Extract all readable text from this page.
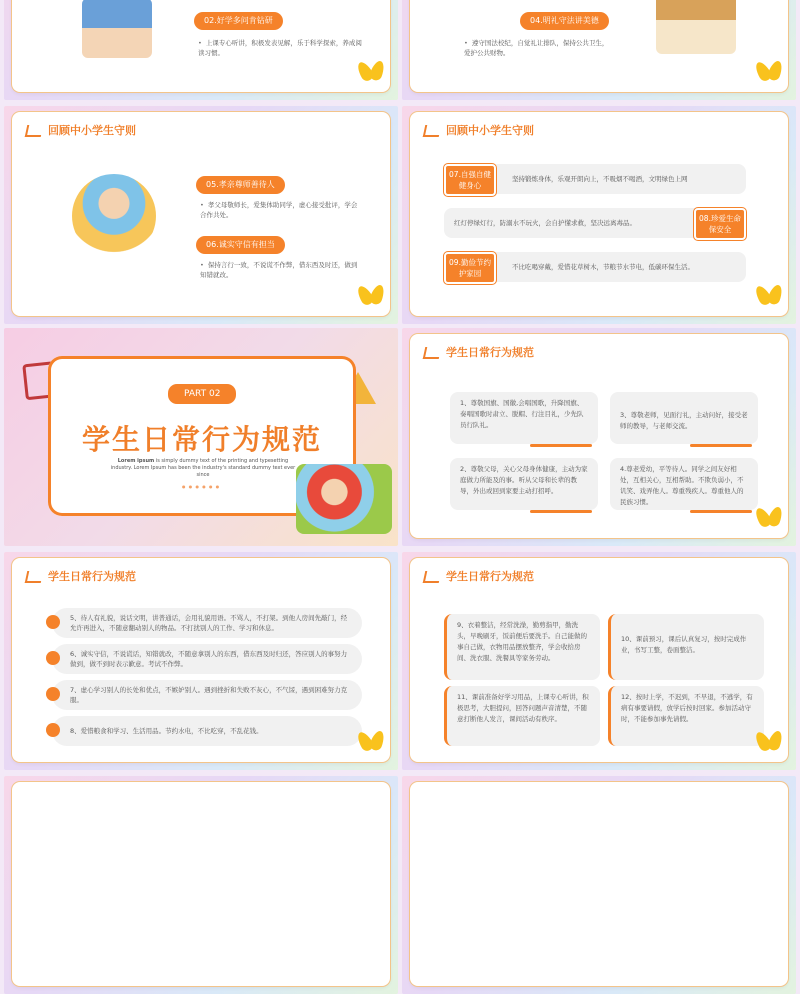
02.好学多问肯钻研
• 上课专心听讲，积极发表见解，乐于科学探索，养成阅读习惯。
04.明礼守法讲美德
• 遵守国法校纪，自觉礼让排队，保持公共卫生，爱护公共财物。
回顾中小学生守则
05.孝亲尊师善待人
• 孝父母敬师长，爱集体助同学，虚心接受批评，学会合作共处。
06.诚实守信有担当
• 保持言行一致，不说谎不作弊，借东西及时还，做到知错就改。
回顾中小学生守则
坚持锻炼身体，乐观开朗向上，不吸烟不喝酒，文明绿色上网
07.自强自健健身心
红灯停绿灯行，防溺水不玩火，会自护懂求救，坚决远离毒品。	08.珍爱生命保安全
不比吃喝穿戴，爱惜花草树木，节粮节水节电，低碳环保生活。
09.勤俭节约护家园
PART 02
学生日常行为规范
Lorem ipsum is simply dummy text of the printing and typesetting industry. Lorem Ipsum has been the industry's standard dummy text ever since
● ● ● ● ● ●
学生日常行为规范
1、尊敬国旗、国徽,会唱国歌，升降国旗、奏唱国歌时肃立、脱帽、行注目礼，少先队员行队礼。
3、尊敬老师，见面行礼，主动问好，接受老师的教导，与老师交流。
2、尊敬父母，关心父母身体健康，主动为家庭做力所能及的事。听从父母和长辈的教导，外出或回到家要主动打招呼。
4.尊老爱幼，平等待人。同学之间友好相处，互相关心，互相帮助。不欺负弱小，不讥笑、戏弄他人。尊重残疾人。尊重他人的民族习惯。
学生日常行为规范
5、待人有礼貌，说话文明，讲普通话，会用礼貌用语。不骂人，不打架。到他人房间先敲门，经允许再进入，不随意翻动别人的物品。不打扰别人的工作、学习和休息。
6、诚实守信，不说谎话，知错就改，不随意拿别人的东西，借东西及时归还，答应别人的事努力做到，做不到时表示歉意。考试不作弊。
7、虚心学习别人的长处和优点，不嫉妒别人。遇到挫折和失败不灰心，不气馁，遇到困难努力克服。
8、爱惜粮食和学习、生活用品。节约水电，不比吃穿，不乱花钱。
学生日常行为规范
9、衣着整洁，经常洗澡，勤剪指甲，勤洗头，早晚刷牙，饭前便后要洗手。自己能做的事自己做，衣物用品摆放整齐，学会收拾房间、洗衣服、洗餐具等家务劳动。
10、课前预习，课后认真复习，按时完成作业，书写工整，卷面整洁。
11、课前准备好学习用品，上课专心听讲，积极思考，大胆提问，回答问题声音清楚，不随意打断他人发言，课间活动有秩序。
12、按时上学，不迟到，不早退，不逃学，有病有事要请假，放学后按时回家。参加活动守时，不能参加事先请假。
